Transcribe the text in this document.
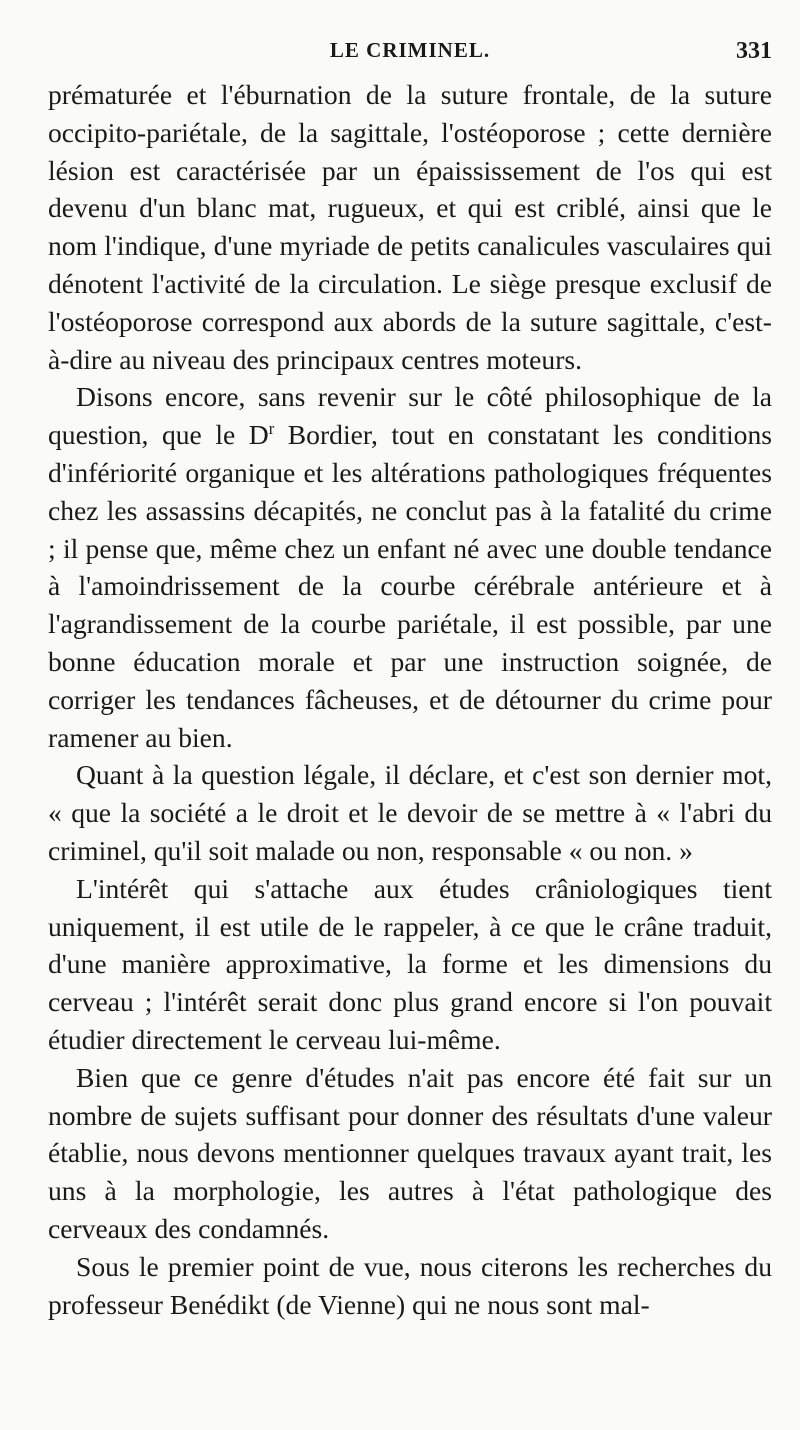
LE CRIMINEL.	331

prématurée et l'éburnation de la suture frontale, de la suture occipito-pariétale, de la sagittale, l'ostéoporose ; cette dernière lésion est caractérisée par un épaississement de l'os qui est devenu d'un blanc mat, rugueux, et qui est criblé, ainsi que le nom l'indique, d'une myriade de petits canalicules vasculaires qui dénotent l'activité de la circulation. Le siège presque exclusif de l'ostéoporose correspond aux abords de la suture sagittale, c'est-à-dire au niveau des principaux centres moteurs.

Disons encore, sans revenir sur le côté philosophique de la question, que le $D^r$ Bordier, tout en constatant les conditions d'infériorité organique et les altérations pathologiques fréquentes chez les assassins décapités, ne conclut pas à la fatalité du crime ; il pense que, même chez un enfant né avec une double tendance à l'amoindrissement de la courbe cérébrale antérieure et à l'agrandissement de la courbe pariétale, il est possible, par une bonne éducation morale et par une instruction soignée, de corriger les tendances fâcheuses, et de détourner du crime pour ramener au bien.

Quant à la question légale, il déclare, et c'est son dernier mot, « que la société a le droit et le devoir de se mettre à « l'abri du criminel, qu'il soit malade ou non, responsable « ou non. »

L'intérêt qui s'attache aux études crâniologiques tient uniquement, il est utile de le rappeler, à ce que le crâne traduit, d'une manière approximative, la forme et les dimensions du cerveau ; l'intérêt serait donc plus grand encore si l'on pouvait étudier directement le cerveau lui-même.

Bien que ce genre d'études n'ait pas encore été fait sur un nombre de sujets suffisant pour donner des résultats d'une valeur établie, nous devons mentionner quelques travaux ayant trait, les uns à la morphologie, les autres à l'état pathologique des cerveaux des condamnés.

Sous le premier point de vue, nous citerons les recherches du professeur Benédikt (de Vienne) qui ne nous sont mal-
